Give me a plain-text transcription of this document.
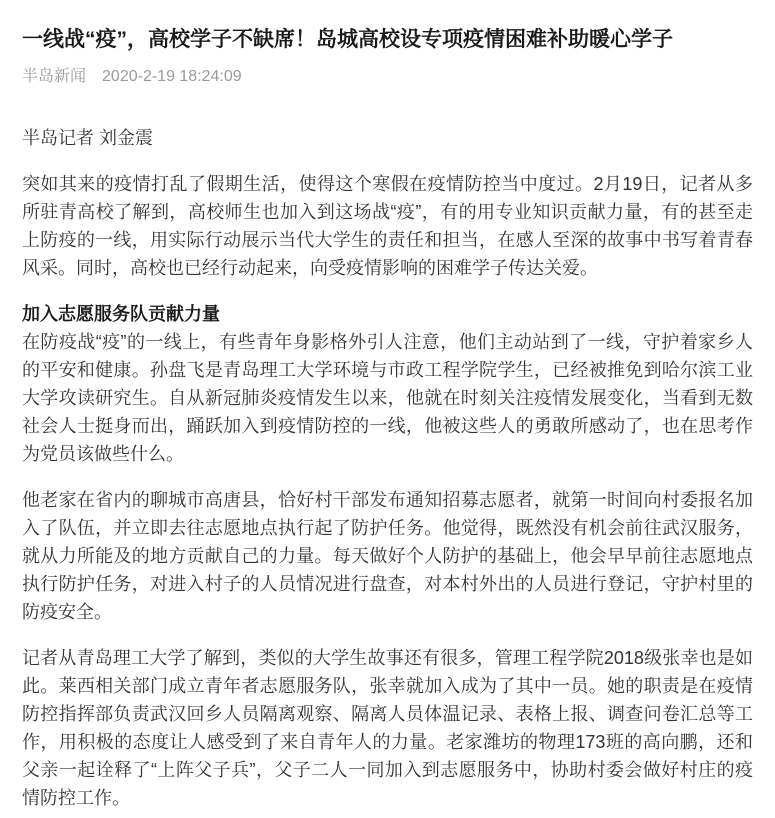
一线战“疫”，高校学子不缺席！岛城高校设专项疫情困难补助暖心学子
半岛新闻 2020-2-19 18:24:09

半岛记者 刘金震

突如其来的疫情打乱了假期生活，使得这个寒假在疫情防控当中度过。2月19日，记者从多所驻青高校了解到，高校师生也加入到这场战“疫”，有的用专业知识贡献力量，有的甚至走上防疫的一线，用实际行动展示当代大学生的责任和担当，在感人至深的故事中书写着青春风采。同时，高校也已经行动起来，向受疫情影响的困难学子传达关爱。

加入志愿服务队贡献力量

在防疫战“疫”的一线上，有些青年身影格外引人注意，他们主动站到了一线，守护着家乡人的平安和健康。孙盘飞是青岛理工大学环境与市政工程学院学生，已经被推免到哈尔滨工业大学攻读研究生。自从新冠肺炎疫情发生以来，他就在时刻关注疫情发展变化，当看到无数社会人士挺身而出，踊跃加入到疫情防控的一线，他被这些人的勇敢所感动了，也在思考作为党员该做些什么。

他老家在省内的聊城市高唐县，恰好村干部发布通知招募志愿者，就第一时间向村委报名加入了队伍，并立即去往志愿地点执行起了防护任务。他觉得，既然没有机会前往武汉服务，就从力所能及的地方贡献自己的力量。每天做好个人防护的基础上，他会早早前往志愿地点执行防护任务，对进入村子的人员情况进行盘查，对本村外出的人员进行登记，守护村里的防疫安全。

记者从青岛理工大学了解到，类似的大学生故事还有很多，管理工程学院2018级张幸也是如此。莱西相关部门成立青年者志愿服务队，张幸就加入成为了其中一员。她的职责是在疫情防控指挥部负责武汉回乡人员隔离观察、隔离人员体温记录、表格上报、调查问卷汇总等工作，用积极的态度让人感受到了来自青年人的力量。老家潍坊的物理173班的高向鹏，还和父亲一起诠释了“上阵父子兵”，父子二人一同加入到志愿服务中，协助村委会做好村庄的疫情防控工作。
